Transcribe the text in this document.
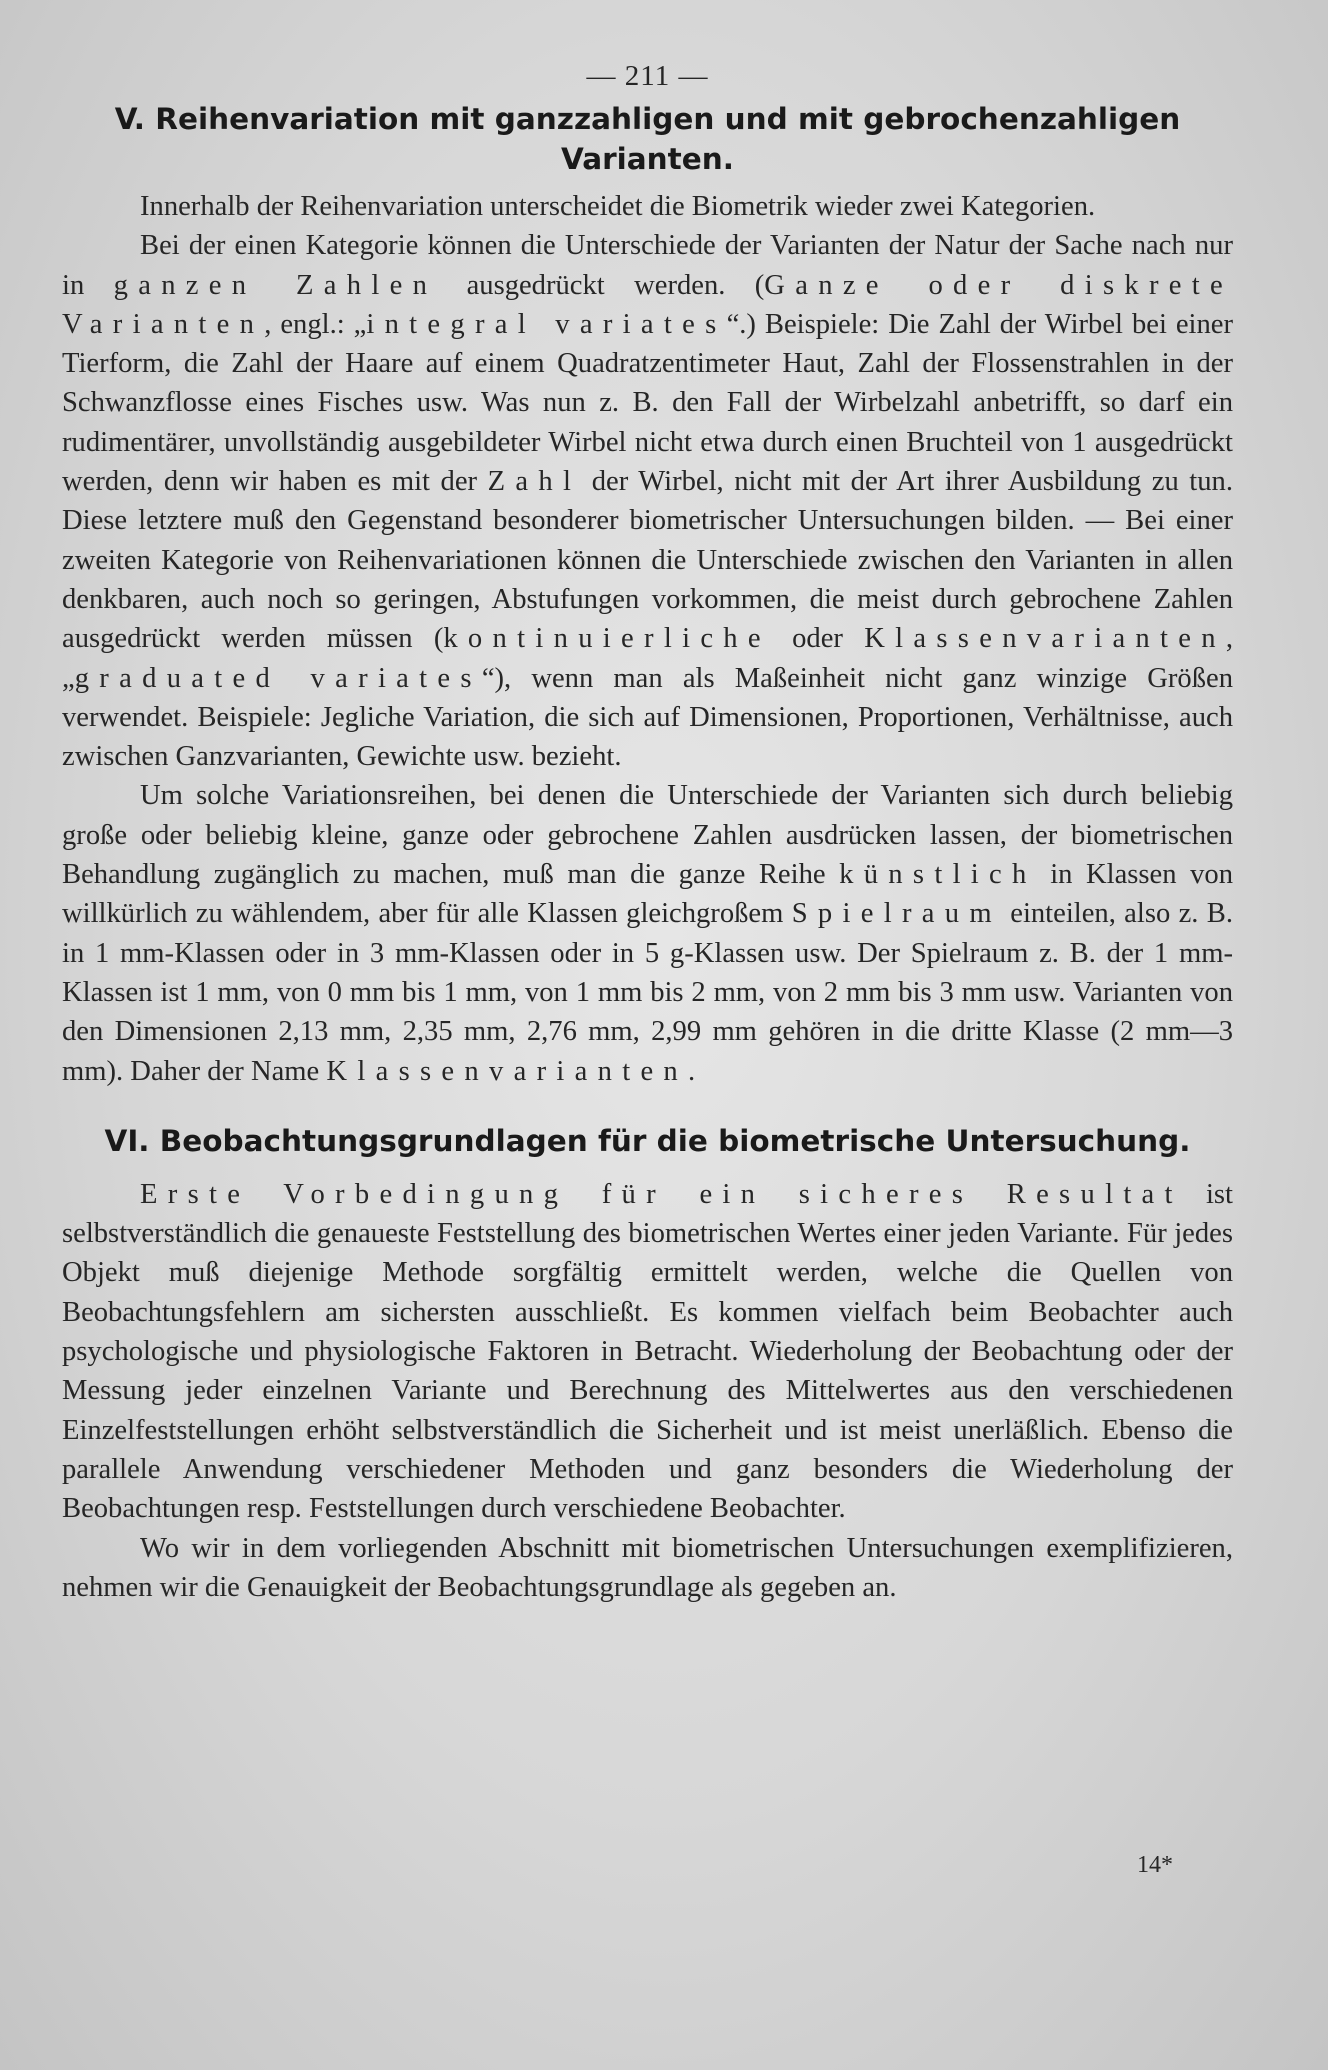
— 211 —
V. Reihenvariation mit ganzzahligen und mit gebrochenzahligen
Varianten.

Innerhalb der Reihenvariation unterscheidet die Biometrik wieder zwei Kategorien.

Bei der einen Kategorie können die Unterschiede der Varianten der Natur der Sache nach nur in ganzen Zahlen ausgedrückt werden. (Ganze oder diskrete Varianten, engl.: „integral variates“.) Beispiele: Die Zahl der Wirbel bei einer Tierform, die Zahl der Haare auf einem Quadratzentimeter Haut, Zahl der Flossenstrahlen in der Schwanzflosse eines Fisches usw. Was nun z. B. den Fall der Wirbelzahl anbetrifft, so darf ein rudimentärer, unvollständig ausgebildeter Wirbel nicht etwa durch einen Bruchteil von 1 ausgedrückt werden, denn wir haben es mit der Zahl der Wirbel, nicht mit der Art ihrer Ausbildung zu tun. Diese letztere muß den Gegenstand besonderer biometrischer Untersuchungen bilden. — Bei einer zweiten Kategorie von Reihenvariationen können die Unterschiede zwischen den Varianten in allen denkbaren, auch noch so geringen, Abstufungen vorkommen, die meist durch gebrochene Zahlen ausgedrückt werden müssen (kontinuierliche oder Klassenvarianten, „graduated variates“), wenn man als Maßeinheit nicht ganz winzige Größen verwendet. Beispiele: Jegliche Variation, die sich auf Dimensionen, Proportionen, Verhältnisse, auch zwischen Ganzvarianten, Gewichte usw. bezieht.

Um solche Variationsreihen, bei denen die Unterschiede der Varianten sich durch beliebig große oder beliebig kleine, ganze oder gebrochene Zahlen ausdrücken lassen, der biometrischen Behandlung zugänglich zu machen, muß man die ganze Reihe künstlich in Klassen von willkürlich zu wählendem, aber für alle Klassen gleichgroßem Spielraum einteilen, also z. B. in 1 mm-Klassen oder in 3 mm-Klassen oder in 5 g-Klassen usw. Der Spielraum z. B. der 1 mm-Klassen ist 1 mm, von 0 mm bis 1 mm, von 1 mm bis 2 mm, von 2 mm bis 3 mm usw. Varianten von den Dimensionen 2,13 mm, 2,35 mm, 2,76 mm, 2,99 mm gehören in die dritte Klasse (2 mm—3 mm). Daher der Name Klassenvarianten.

VI. Beobachtungsgrundlagen für die biometrische Untersuchung.

Erste Vorbedingung für ein sicheres Resultat ist selbstverständlich die genaueste Feststellung des biometrischen Wertes einer jeden Variante. Für jedes Objekt muß diejenige Methode sorgfältig ermittelt werden, welche die Quellen von Beobachtungsfehlern am sichersten ausschließt. Es kommen vielfach beim Beobachter auch psychologische und physiologische Faktoren in Betracht. Wiederholung der Beobachtung oder der Messung jeder einzelnen Variante und Berechnung des Mittelwertes aus den verschiedenen Einzelfeststellungen erhöht selbstverständlich die Sicherheit und ist meist unerläßlich. Ebenso die parallele Anwendung verschiedener Methoden und ganz besonders die Wiederholung der Beobachtungen resp. Feststellungen durch verschiedene Beobachter.

Wo wir in dem vorliegenden Abschnitt mit biometrischen Untersuchungen exemplifizieren, nehmen wir die Genauigkeit der Beobachtungsgrundlage als gegeben an.

14*
